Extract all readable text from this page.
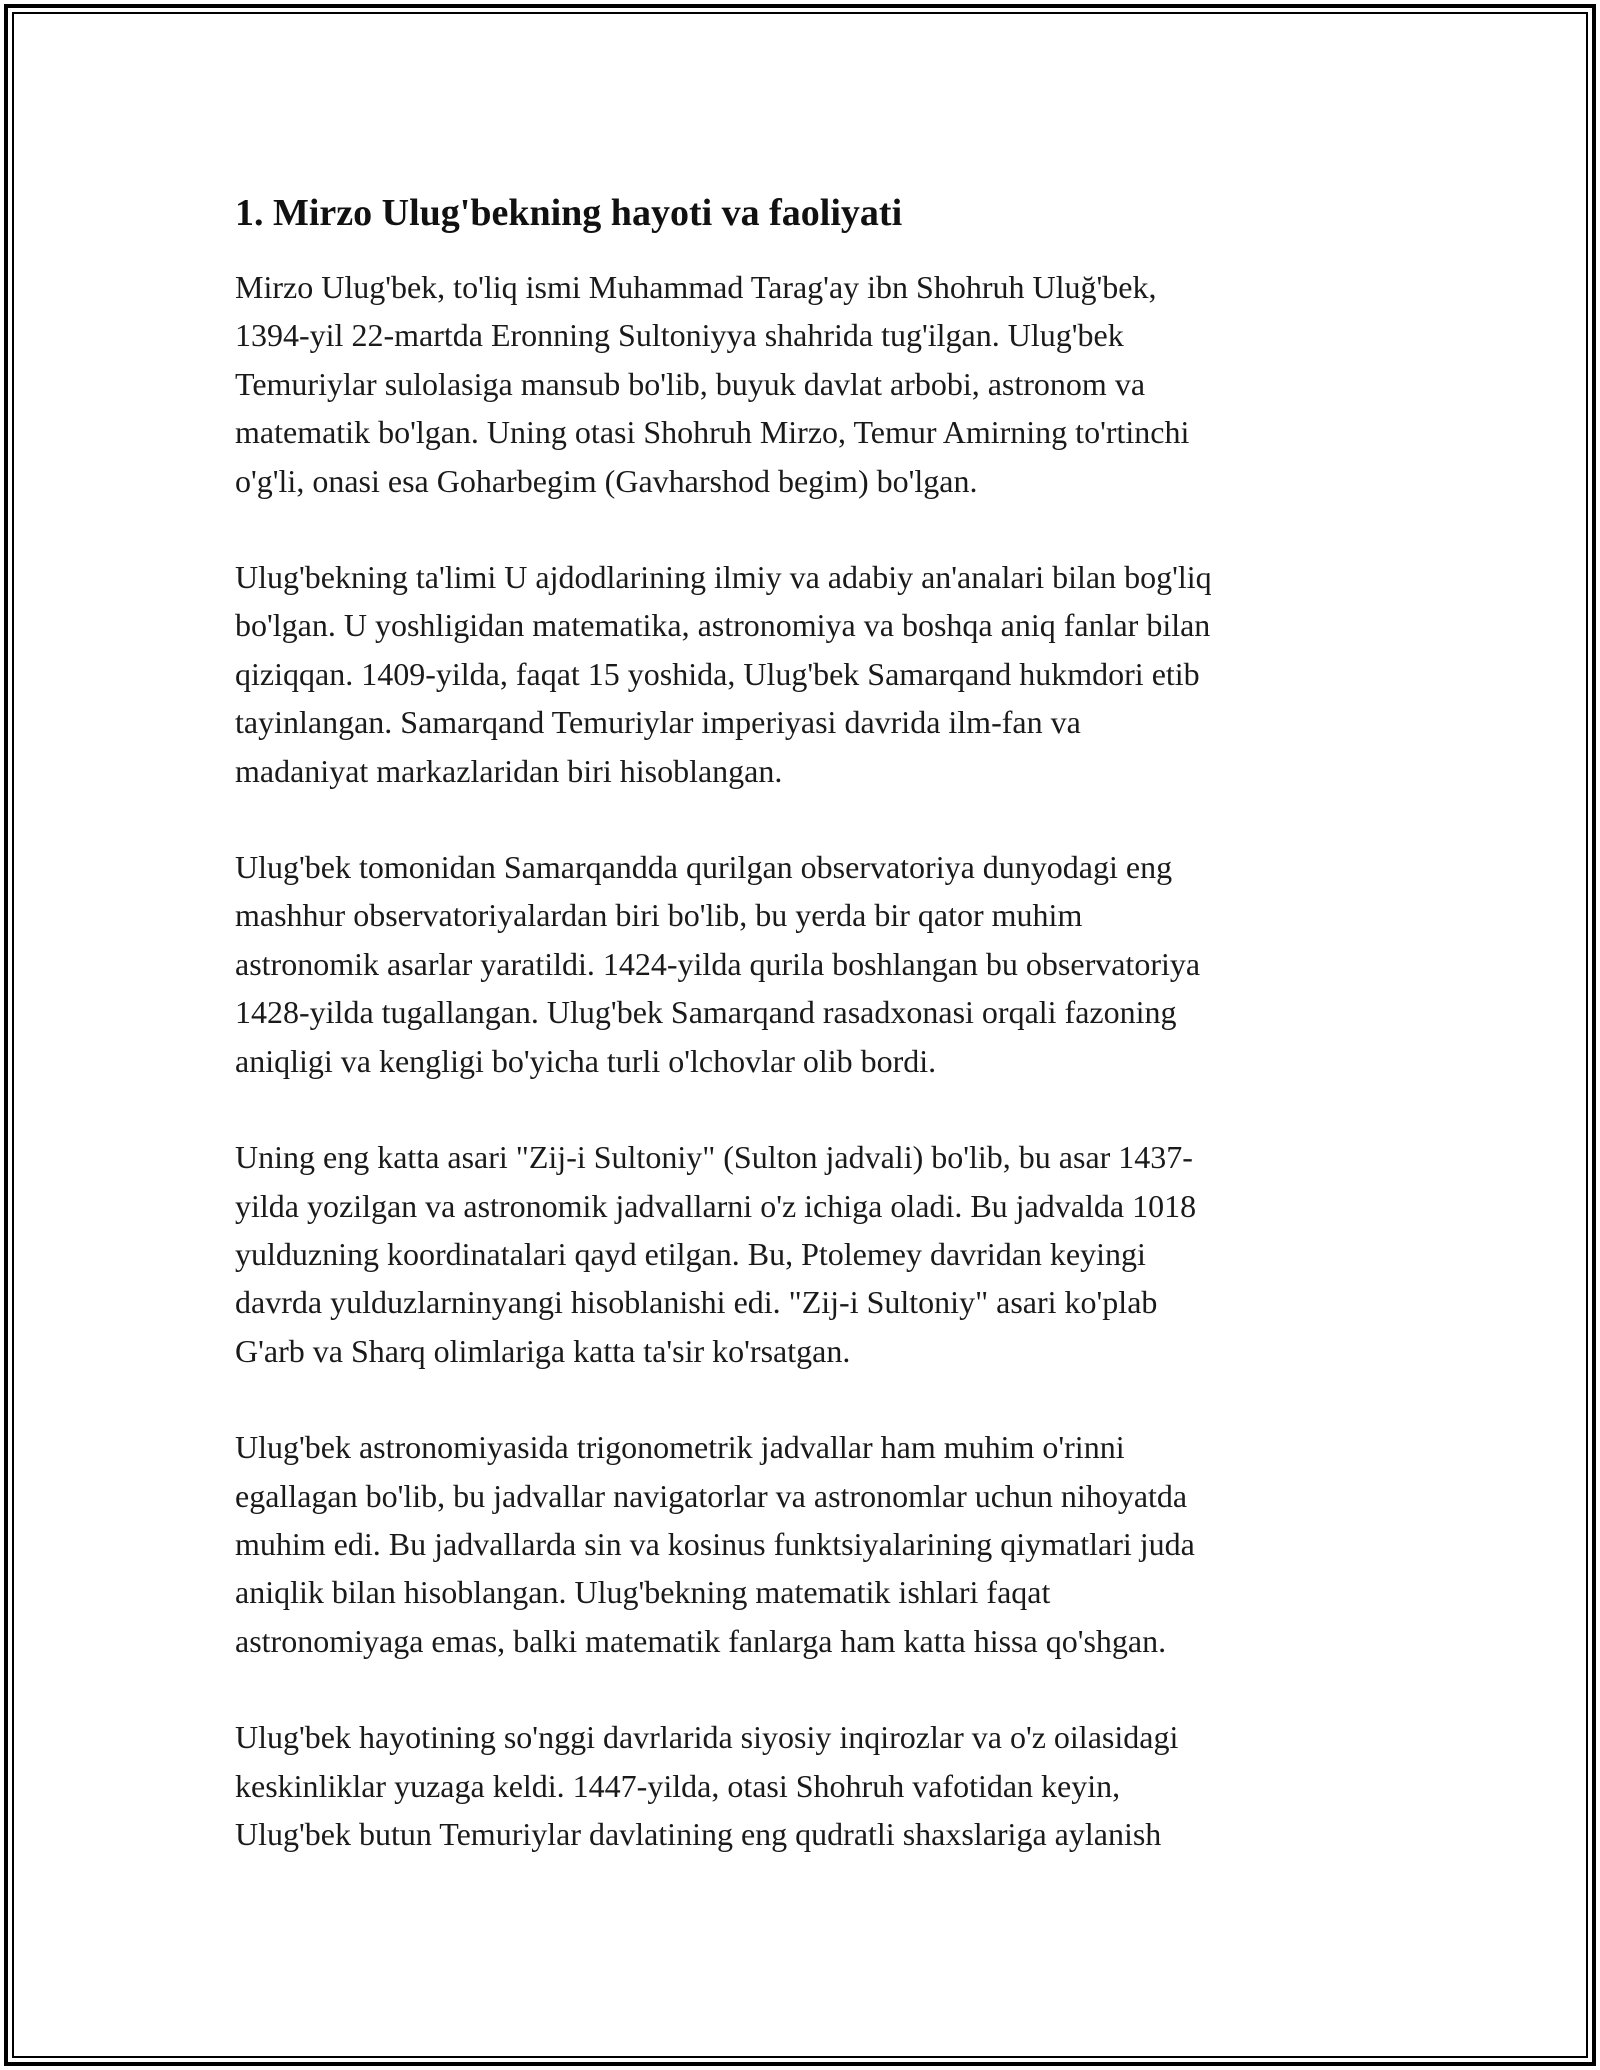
1. Mirzo Ulug'bekning hayoti va faoliyati

Mirzo Ulug'bek, to'liq ismi Muhammad Tarag'ay ibn Shohruh Uluğ'bek,
1394-yil 22-martda Eronning Sultoniyya shahrida tug'ilgan. Ulug'bek
Temuriylar sulolasiga mansub bo'lib, buyuk davlat arbobi, astronom va
matematik bo'lgan. Uning otasi Shohruh Mirzo, Temur Amirning to'rtinchi
o'g'li, onasi esa Goharbegim (Gavharshod begim) bo'lgan.

Ulug'bekning ta'limi U ajdodlarining ilmiy va adabiy an'analari bilan bog'liq
bo'lgan. U yoshligidan matematika, astronomiya va boshqa aniq fanlar bilan
qiziqqan. 1409-yilda, faqat 15 yoshida, Ulug'bek Samarqand hukmdori etib
tayinlangan. Samarqand Temuriylar imperiyasi davrida ilm-fan va
madaniyat markazlaridan biri hisoblangan.

Ulug'bek tomonidan Samarqandda qurilgan observatoriya dunyodagi eng
mashhur observatoriyalardan biri bo'lib, bu yerda bir qator muhim
astronomik asarlar yaratildi. 1424-yilda qurila boshlangan bu observatoriya
1428-yilda tugallangan. Ulug'bek Samarqand rasadxonasi orqali fazoning
aniqligi va kengligi bo'yicha turli o'lchovlar olib bordi.

Uning eng katta asari "Zij-i Sultoniy" (Sulton jadvali) bo'lib, bu asar 1437-
yilda yozilgan va astronomik jadvallarni o'z ichiga oladi. Bu jadvalda 1018
yulduzning koordinatalari qayd etilgan. Bu, Ptolemey davridan keyingi
davrda yulduzlarninyangi hisoblanishi edi. "Zij-i Sultoniy" asari ko'plab
G'arb va Sharq olimlariga katta ta'sir ko'rsatgan.

Ulug'bek astronomiyasida trigonometrik jadvallar ham muhim o'rinni
egallagan bo'lib, bu jadvallar navigatorlar va astronomlar uchun nihoyatda
muhim edi. Bu jadvallarda sin va kosinus funktsiyalarining qiymatlari juda
aniqlik bilan hisoblangan. Ulug'bekning matematik ishlari faqat
astronomiyaga emas, balki matematik fanlarga ham katta hissa qo'shgan.

Ulug'bek hayotining so'nggi davrlarida siyosiy inqirozlar va o'z oilasidagi
keskinliklar yuzaga keldi. 1447-yilda, otasi Shohruh vafotidan keyin,
Ulug'bek butun Temuriylar davlatining eng qudratli shaxslariga aylanish
